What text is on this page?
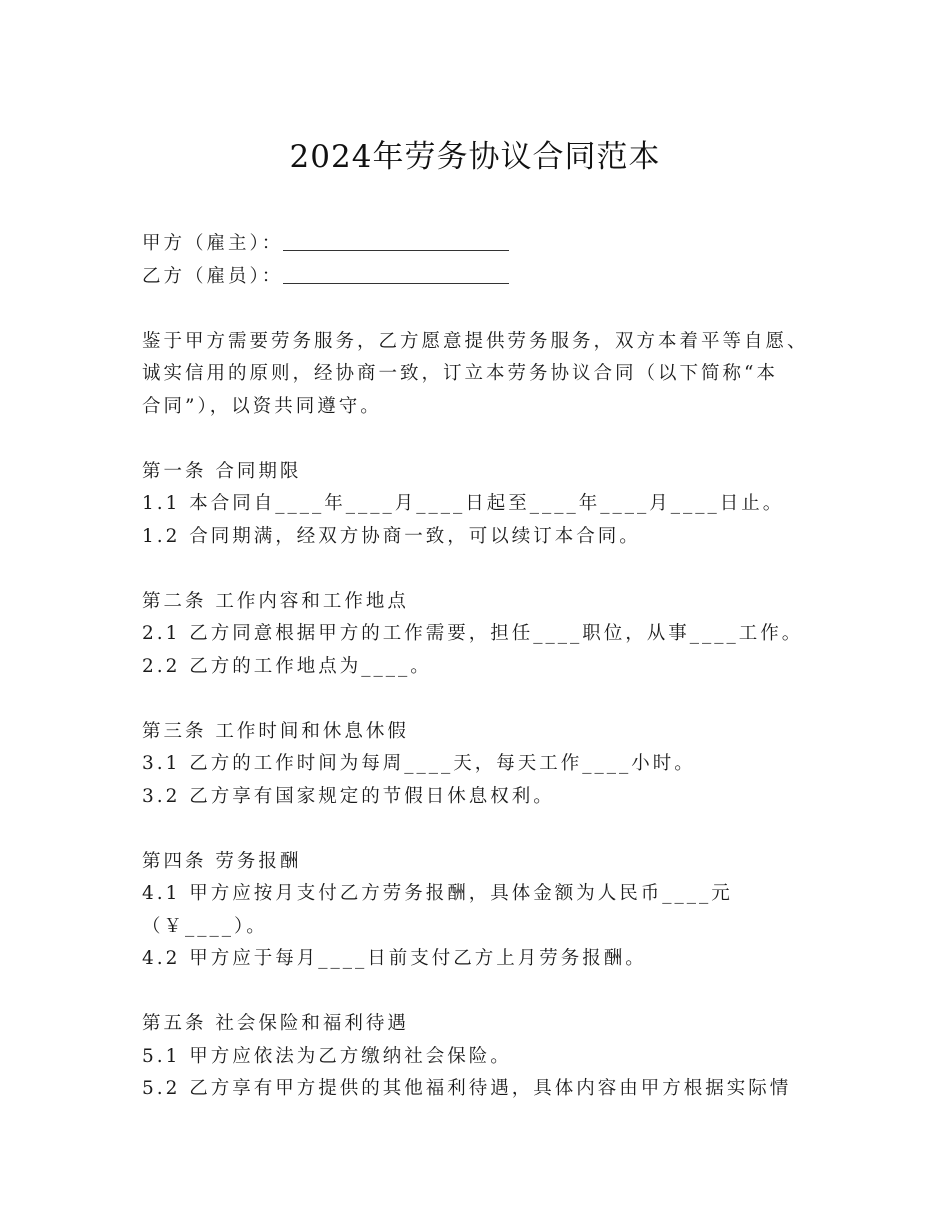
2024年劳务协议合同范本
甲方（雇主）：
乙方（雇员）：
鉴于甲方需要劳务服务，乙方愿意提供劳务服务，双方本着平等自愿、
诚实信用的原则，经协商一致，订立本劳务协议合同（以下简称“本
合同”），以资共同遵守。
第一条 合同期限
1.1 本合同自____年____月____日起至____年____月____日止。
1.2 合同期满，经双方协商一致，可以续订本合同。
第二条 工作内容和工作地点
2.1 乙方同意根据甲方的工作需要，担任____职位，从事____工作。
2.2 乙方的工作地点为____。
第三条 工作时间和休息休假
3.1 乙方的工作时间为每周____天，每天工作____小时。
3.2 乙方享有国家规定的节假日休息权利。
第四条 劳务报酬
4.1 甲方应按月支付乙方劳务报酬，具体金额为人民币____元
（￥____）。
4.2 甲方应于每月____日前支付乙方上月劳务报酬。
第五条 社会保险和福利待遇
5.1 甲方应依法为乙方缴纳社会保险。
5.2 乙方享有甲方提供的其他福利待遇，具体内容由甲方根据实际情
